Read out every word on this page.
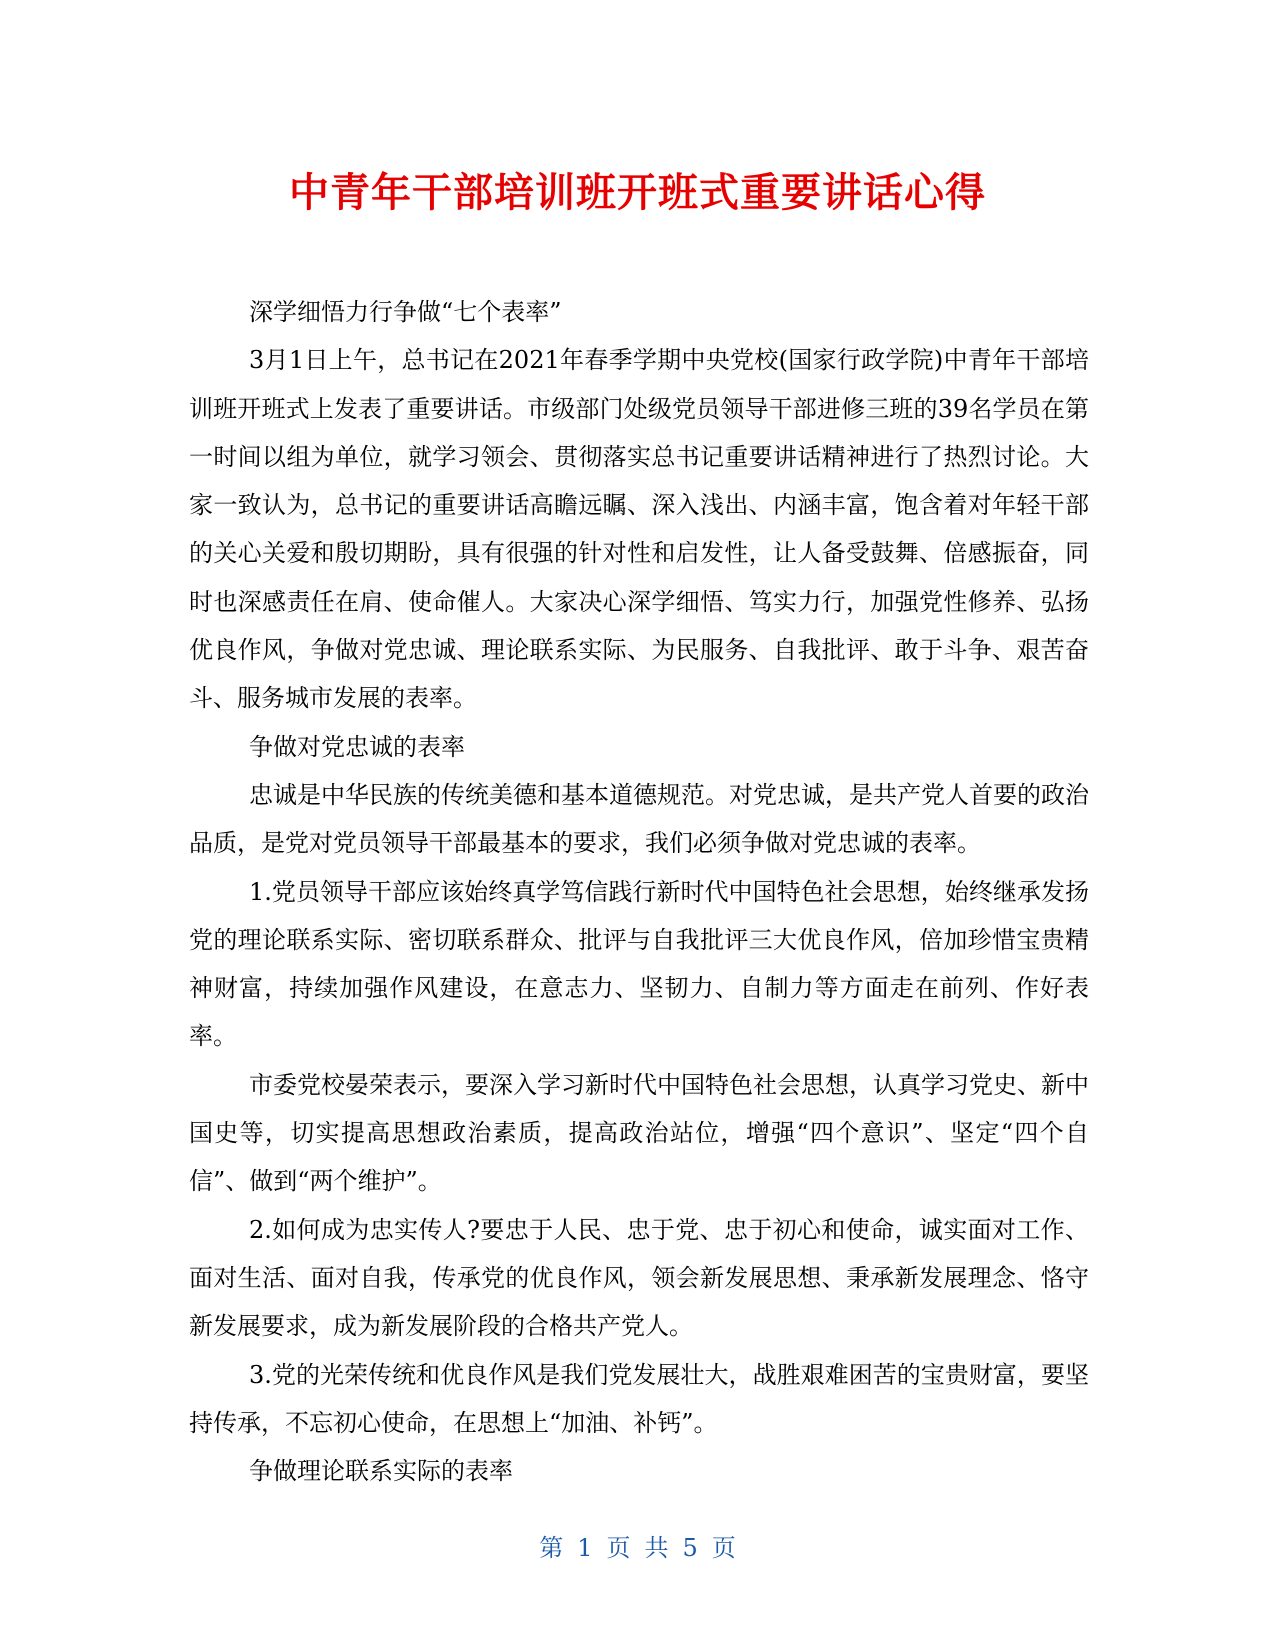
中青年干部培训班开班式重要讲话心得

深学细悟力行争做“七个表率”

3月1日上午，总书记在2021年春季学期中央党校(国家行政学院)中青年干部培训班开班式上发表了重要讲话。市级部门处级党员领导干部进修三班的39名学员在第一时间以组为单位，就学习领会、贯彻落实总书记重要讲话精神进行了热烈讨论。大家一致认为，总书记的重要讲话高瞻远瞩、深入浅出、内涵丰富，饱含着对年轻干部的关心关爱和殷切期盼，具有很强的针对性和启发性，让人备受鼓舞、倍感振奋，同时也深感责任在肩、使命催人。大家决心深学细悟、笃实力行，加强党性修养、弘扬优良作风，争做对党忠诚、理论联系实际、为民服务、自我批评、敢于斗争、艰苦奋斗、服务城市发展的表率。

争做对党忠诚的表率

忠诚是中华民族的传统美德和基本道德规范。对党忠诚，是共产党人首要的政治品质，是党对党员领导干部最基本的要求，我们必须争做对党忠诚的表率。

1.党员领导干部应该始终真学笃信践行新时代中国特色社会思想，始终继承发扬党的理论联系实际、密切联系群众、批评与自我批评三大优良作风，倍加珍惜宝贵精神财富，持续加强作风建设，在意志力、坚韧力、自制力等方面走在前列、作好表率。

市委党校晏荣表示，要深入学习新时代中国特色社会思想，认真学习党史、新中国史等，切实提高思想政治素质，提高政治站位，增强“四个意识”、坚定“四个自信”、做到“两个维护”。

2.如何成为忠实传人?要忠于人民、忠于党、忠于初心和使命，诚实面对工作、面对生活、面对自我，传承党的优良作风，领会新发展思想、秉承新发展理念、恪守新发展要求，成为新发展阶段的合格共产党人。

3.党的光荣传统和优良作风是我们党发展壮大，战胜艰难困苦的宝贵财富，要坚持传承，不忘初心使命，在思想上“加油、补钙”。

争做理论联系实际的表率

第 1 页 共 5 页
